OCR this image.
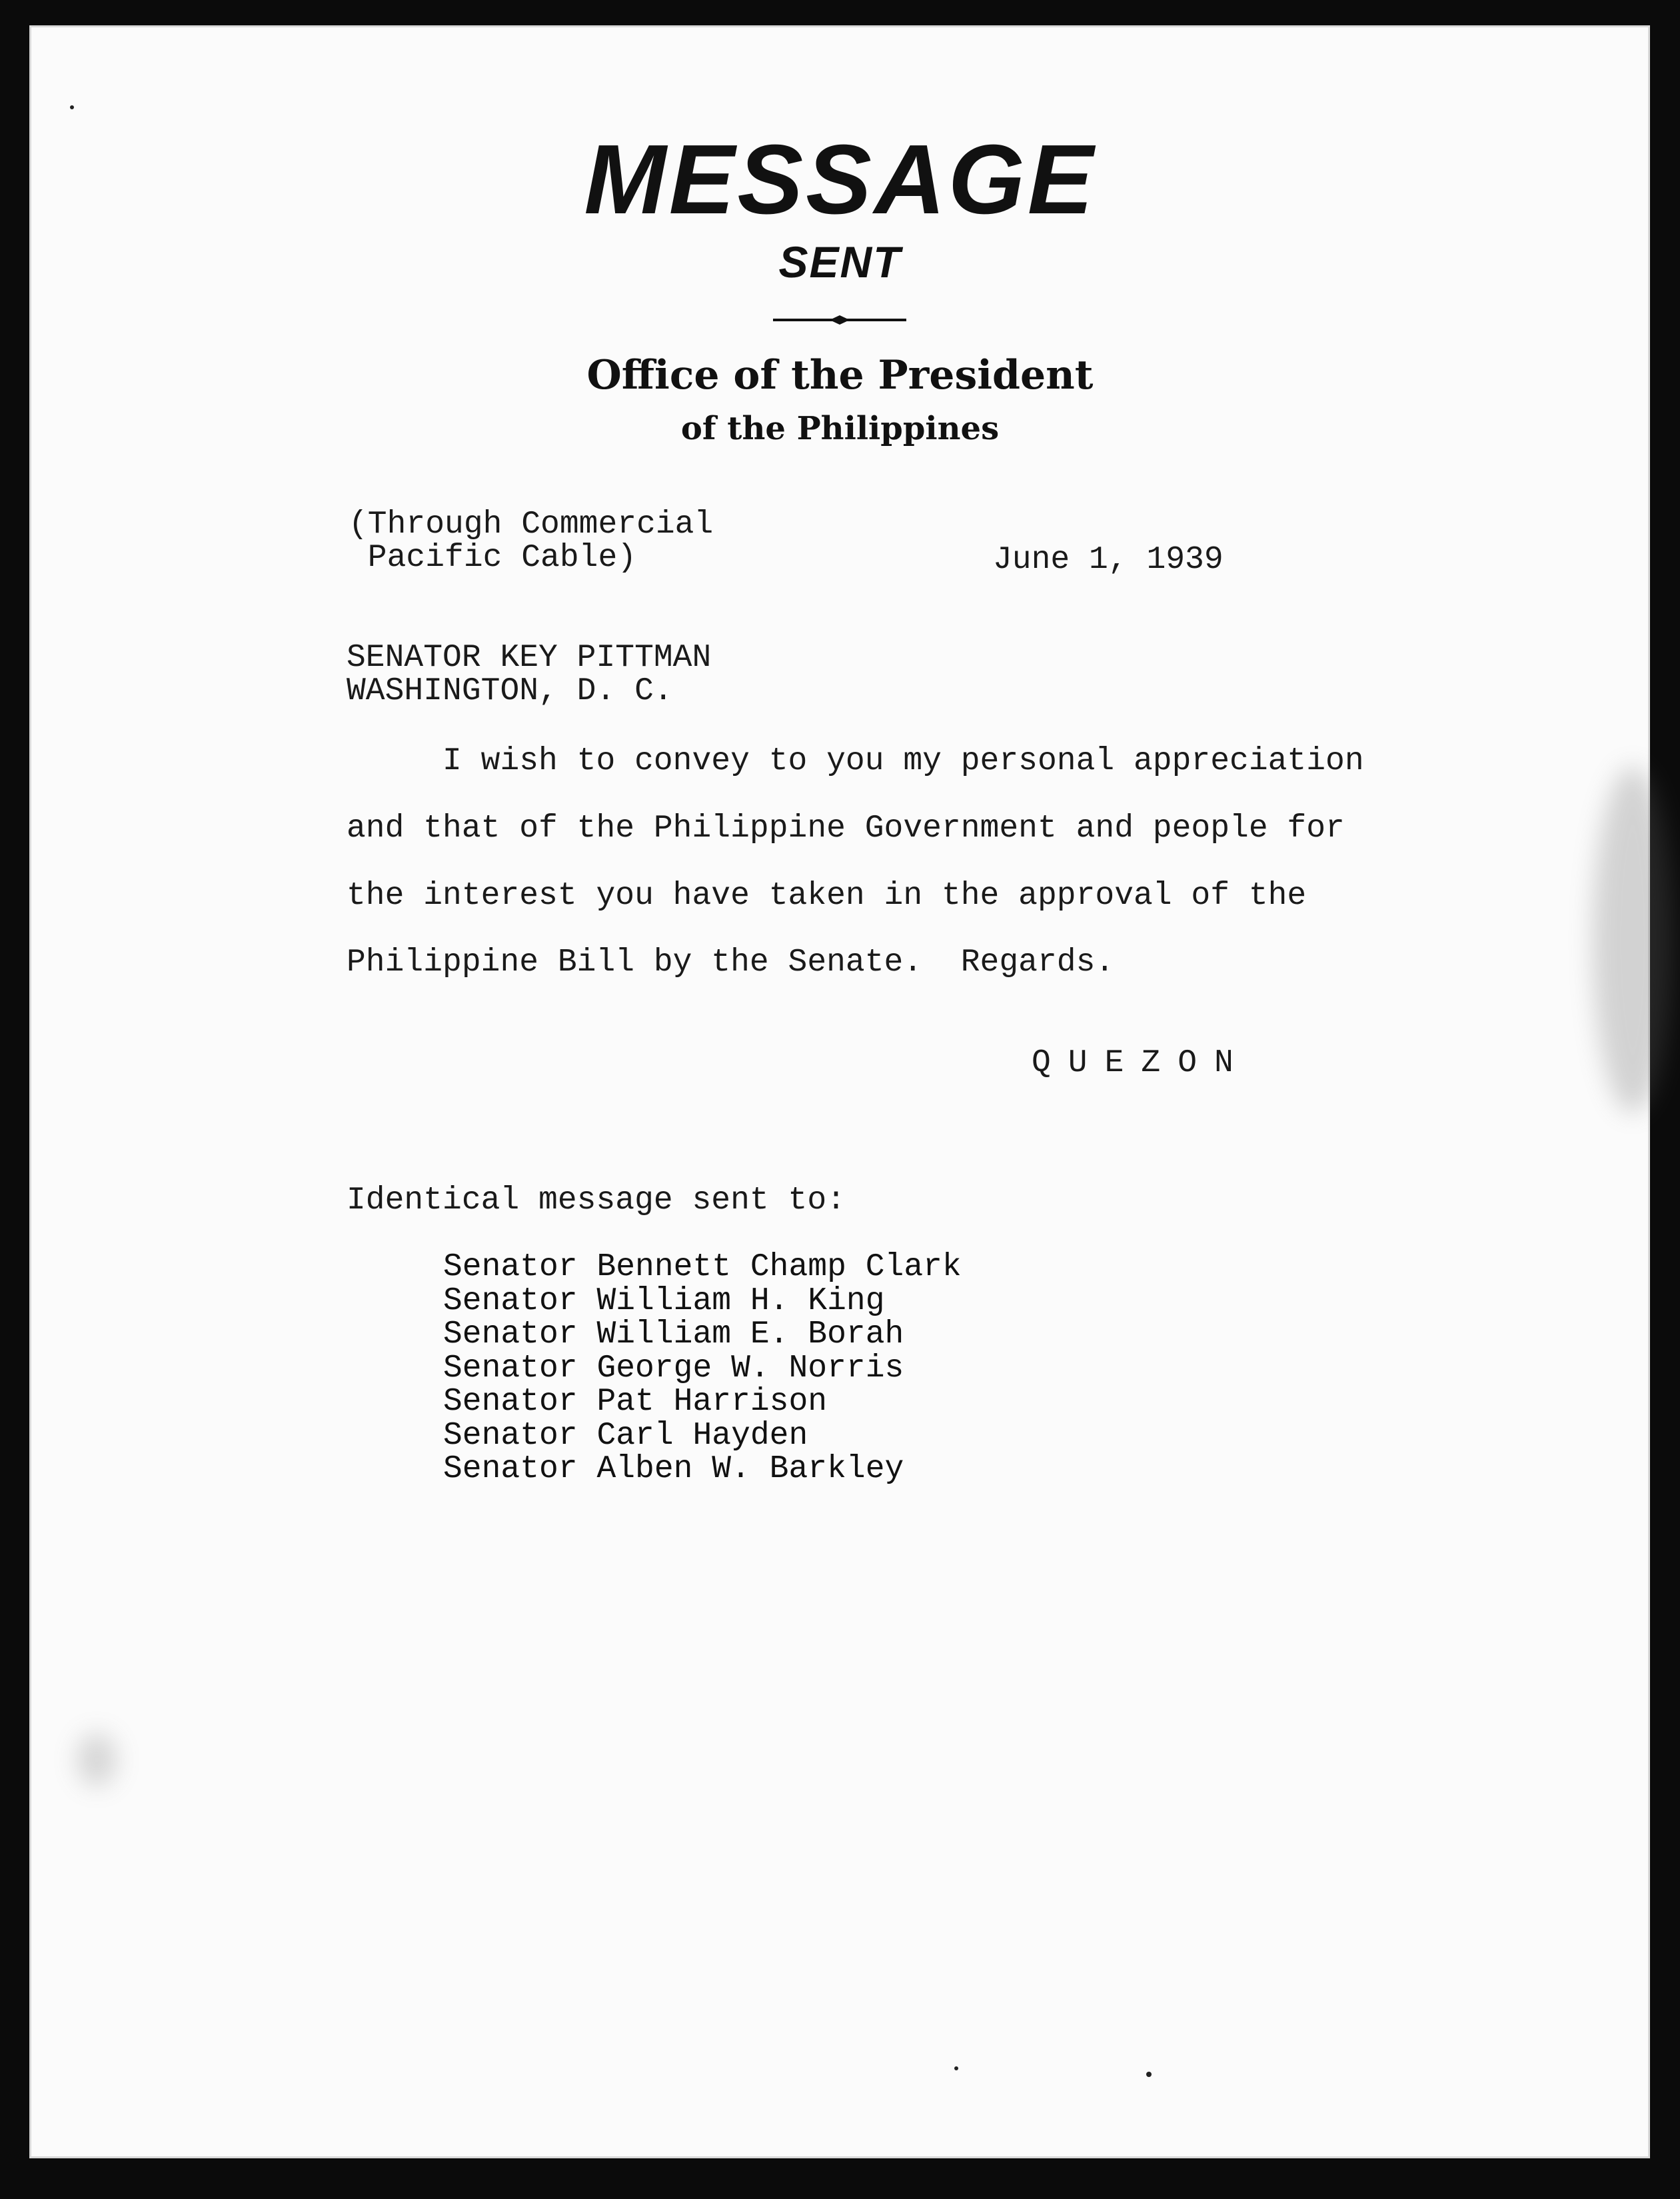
MESSAGE
SENT
Office of the President
of the Philippines
(Through Commercial
Pacific Cable)	June 1, 1939
SENATOR KEY PITTMAN
WASHINGTON, D. C.
I wish to convey to you my personal appreciation
and that of the Philippine Government and people for
the interest you have taken in the approval of the
Philippine Bill by the Senate.  Regards.
QUEZON
Identical message sent to:
Senator Bennett Champ Clark
Senator William H. King
Senator William E. Borah
Senator George W. Norris
Senator Pat Harrison
Senator Carl Hayden
Senator Alben W. Barkley
